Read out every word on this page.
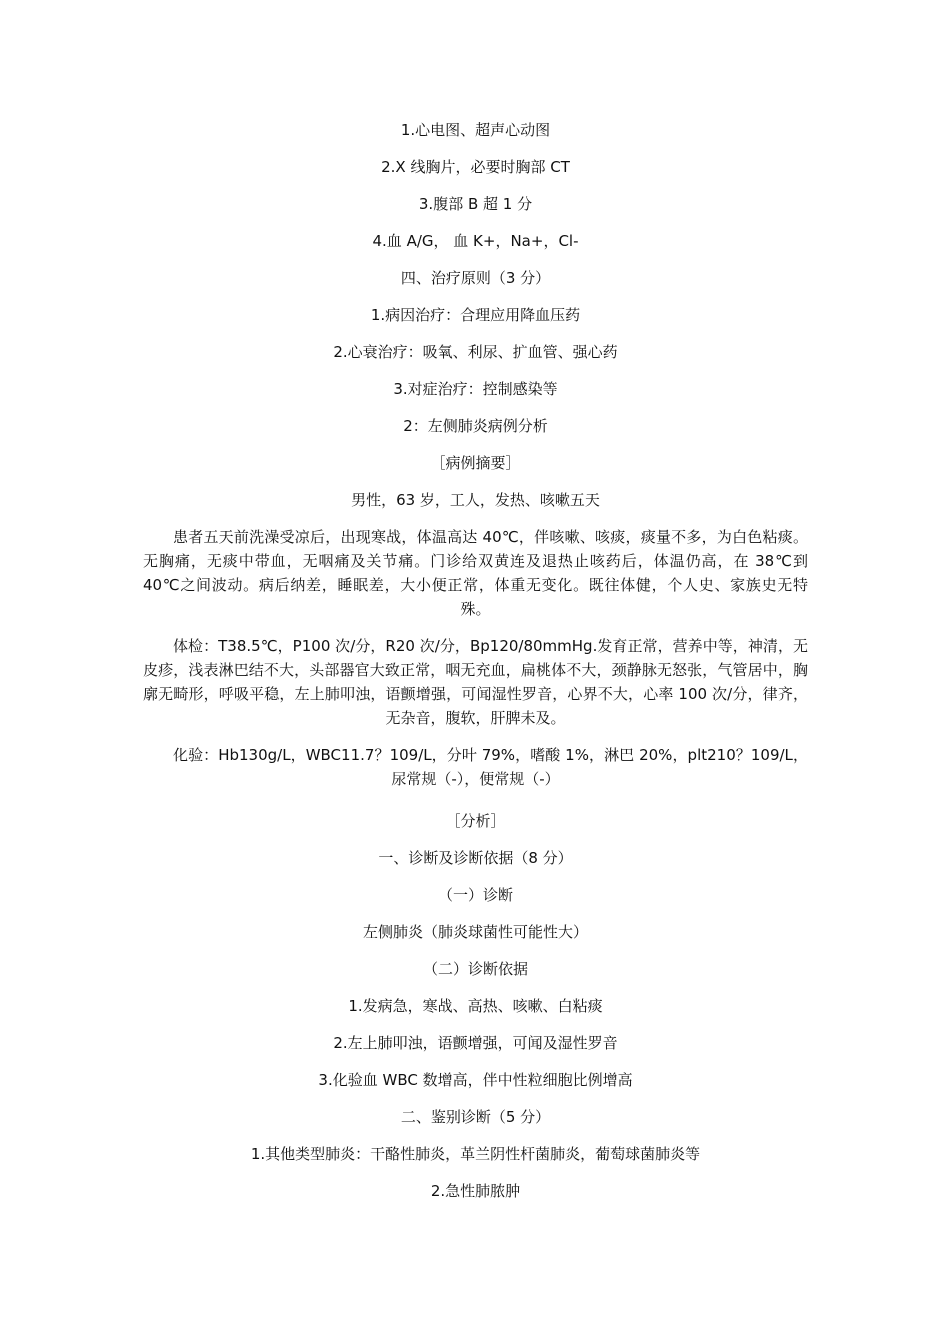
1.心电图、超声心动图

2.X 线胸片，必要时胸部 CT

3.腹部 B 超 1 分

4.血 A/G， 血 K+，Na+，Cl-

四、治疗原则（3 分）

1.病因治疗：合理应用降血压药

2.心衰治疗：吸氧、利尿、扩血管、强心药

3.对症治疗：控制感染等

2：左侧肺炎病例分析

［病例摘要］

男性，63 岁，工人，发热、咳嗽五天

患者五天前洗澡受凉后，出现寒战，体温高达 40℃，伴咳嗽、咳痰，痰量不多，为白色粘痰。无胸痛，无痰中带血，无咽痛及关节痛。门诊给双黄连及退热止咳药后，体温仍高，在 38℃到 40℃之间波动。病后纳差，睡眠差，大小便正常，体重无变化。既往体健，个人史、家族史无特殊。

体检：T38.5℃，P100 次/分，R20 次/分，Bp120/80mmHg.发育正常，营养中等，神清，无皮疹，浅表淋巴结不大，头部器官大致正常，咽无充血，扁桃体不大，颈静脉无怒张，气管居中，胸廓无畸形，呼吸平稳，左上肺叩浊，语颤增强，可闻湿性罗音，心界不大，心率 100 次/分，律齐，无杂音，腹软，肝脾未及。

化验：Hb130g/L，WBC11.7？109/L，分叶 79%，嗜酸 1%，淋巴 20%，plt210？109/L，尿常规（-），便常规（-）

［分析］

一、诊断及诊断依据（8 分）

（一）诊断

左侧肺炎（肺炎球菌性可能性大）

（二）诊断依据

1.发病急，寒战、高热、咳嗽、白粘痰

2.左上肺叩浊，语颤增强，可闻及湿性罗音

3.化验血 WBC 数增高，伴中性粒细胞比例增高

二、鉴别诊断（5 分）

1.其他类型肺炎：干酪性肺炎，革兰阴性杆菌肺炎，葡萄球菌肺炎等

2.急性肺脓肿
